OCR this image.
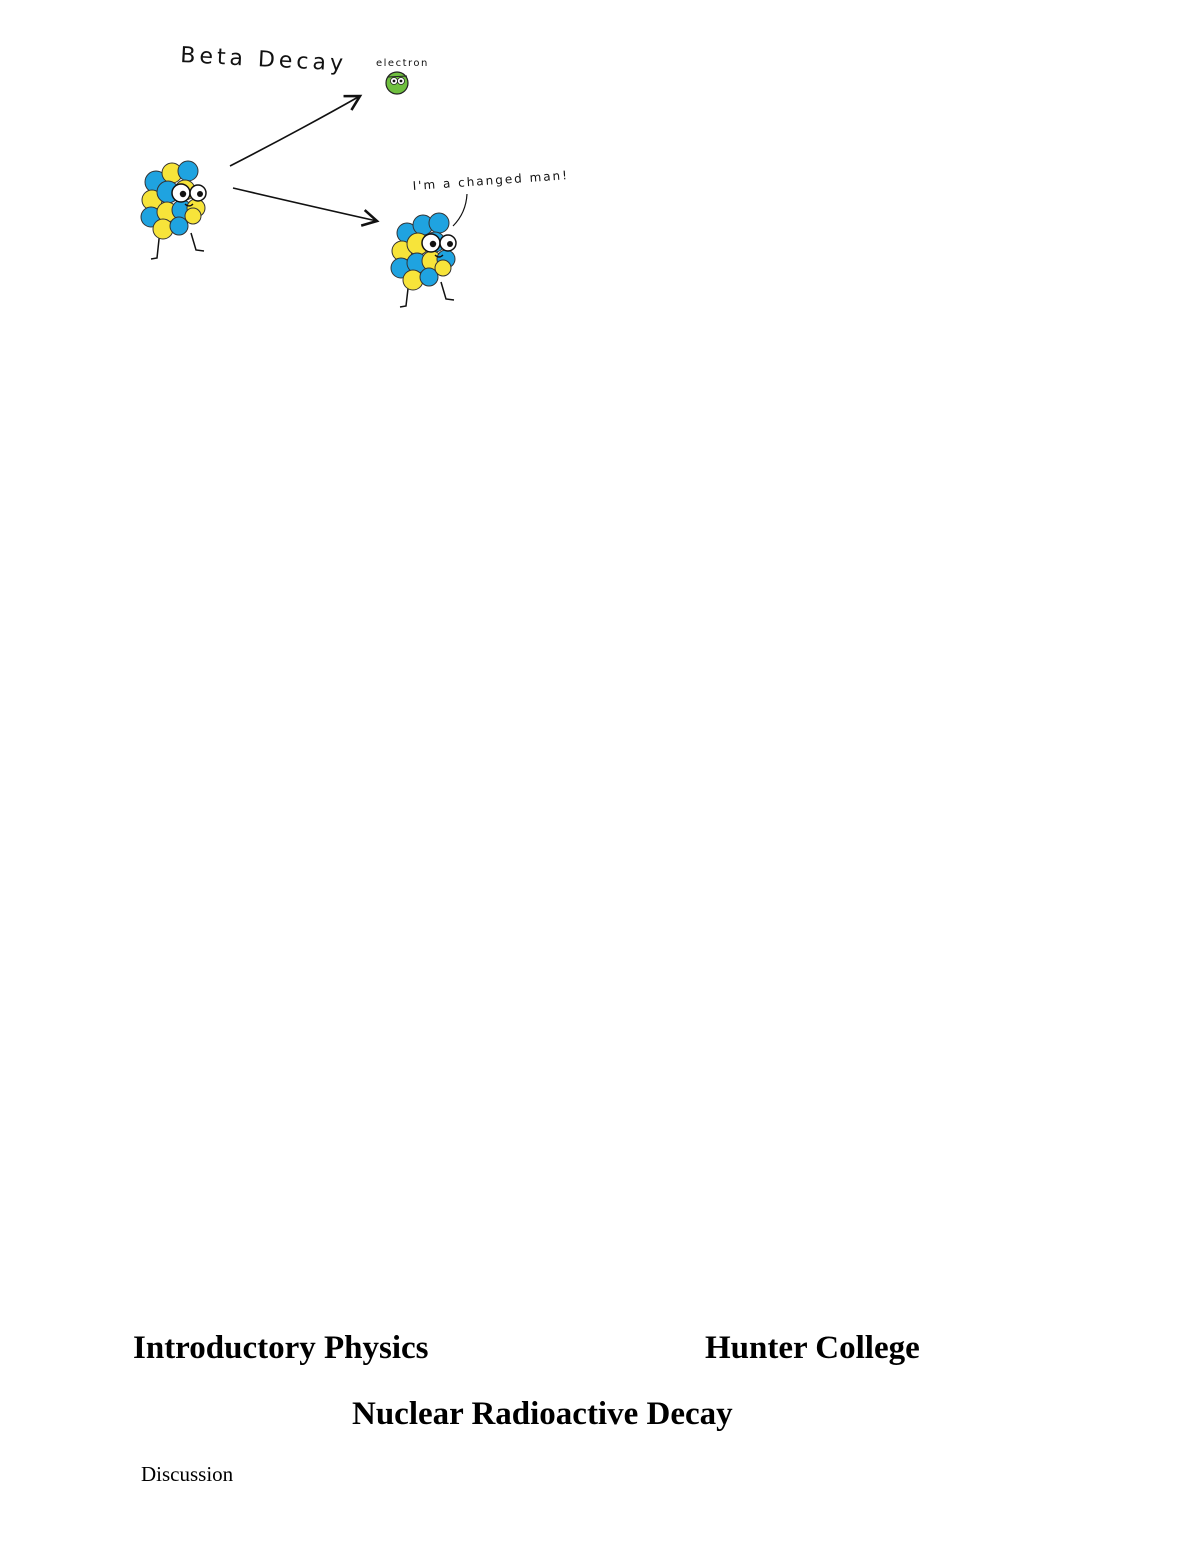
Beta Decay	electron
I'm a changed man!
Introductory Physics	Hunter College
Nuclear Radioactive Decay
Discussion
